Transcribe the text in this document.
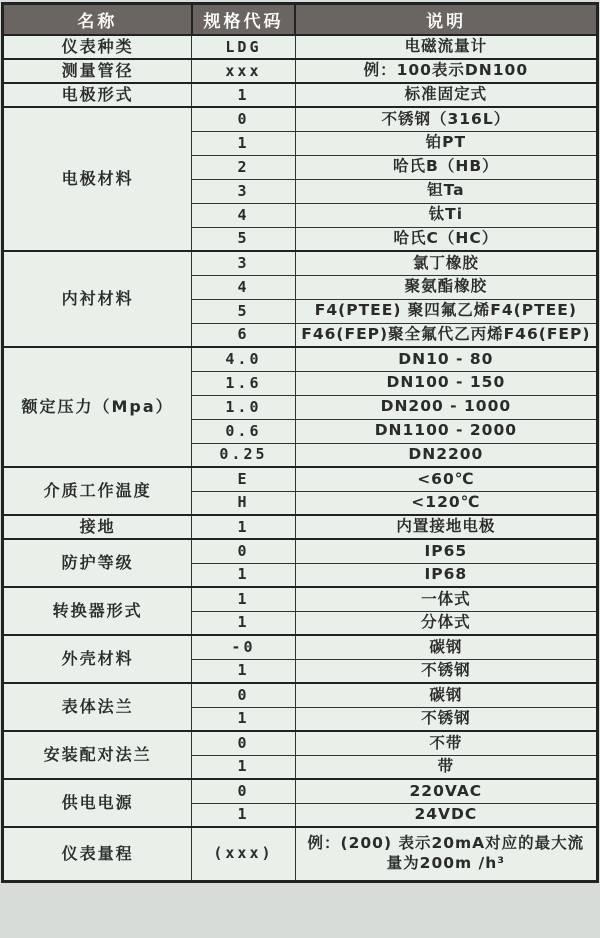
名称	规格代码	说明
仪表种类	LDG	电磁流量计
测量管径	xxx	例：100表示DN100
电极形式	1	标准固定式
电极材料	0	不锈钢（316L）
	1	铂PT
	2	哈氏B（HB）
	3	钽Ta
	4	钛Ti
	5	哈氏C（HC）
内衬材料	3	氯丁橡胶
	4	聚氨酯橡胶
	5	F4(PTEE) 聚四氟乙烯F4(PTEE)
	6	F46(FEP)聚全氟代乙丙烯F46(FEP)
额定压力（Mpa）	4.0	DN10 - 80
	1.6	DN100 - 150
	1.0	DN200 - 1000
	0.6	DN1100 - 2000
	0.25	DN2200
介质工作温度	E	<60℃
	H	<120℃
接地	1	内置接地电极
防护等级	0	IP65
	1	IP68
转换器形式	1	一体式
	1	分体式
外壳材料	-0	碳钢
	1	不锈钢
表体法兰	0	碳钢
	1	不锈钢
安装配对法兰	0	不带
	1	带
供电电源	0	220VAC
	1	24VDC
仪表量程	(xxx)	例：(200) 表示20mA对应的最大流量为200m /h³
